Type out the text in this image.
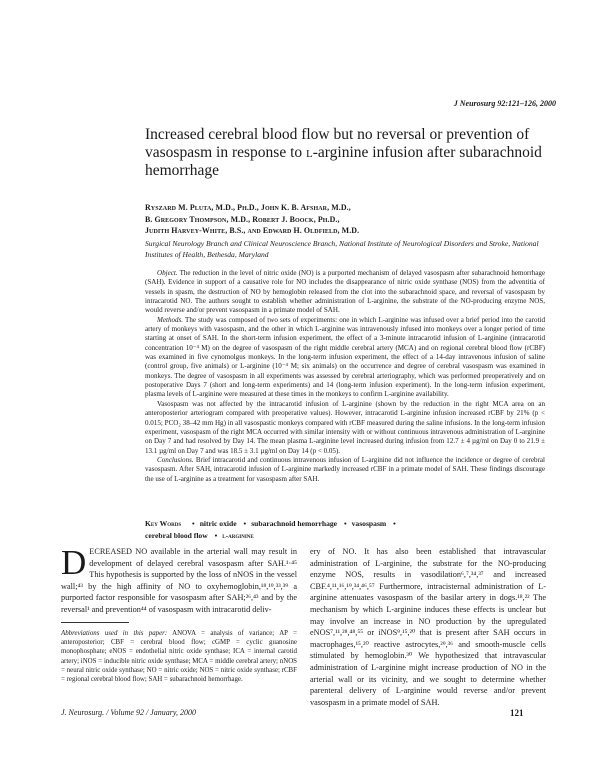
J Neurosurg 92:121–126, 2000
Increased cerebral blood flow but no reversal or prevention of vasospasm in response to l-arginine infusion after subarachnoid hemorrhage
Ryszard M. Pluta, M.D., Ph.D., John K. B. Afshar, M.D.,
B. Gregory Thompson, M.D., Robert J. Boock, Ph.D.,
Judith Harvey-White, B.S., and Edward H. Oldfield, M.D.
Surgical Neurology Branch and Clinical Neuroscience Branch, National Institute of Neurological Disorders and Stroke, National Institutes of Health, Bethesda, Maryland

Object. The reduction in the level of nitric oxide (NO) is a purported mechanism of delayed vasospasm after subarachnoid hemorrhage (SAH). Evidence in support of a causative role for NO includes the disappearance of nitric oxide synthase (NOS) from the adventitia of vessels in spasm, the destruction of NO by hemoglobin released from the clot into the subarachnoid space, and reversal of vasospasm by intracarotid NO. The authors sought to establish whether administration of L-arginine, the substrate of the NO-producing enzyme NOS, would reverse and/or prevent vasospasm in a primate model of SAH.

Methods. The study was composed of two sets of experiments: one in which L-arginine was infused over a brief period into the carotid artery of monkeys with vasospasm, and the other in which L-arginine was intravenously infused into monkeys over a longer period of time starting at onset of SAH. In the short-term infusion experiment, the effect of a 3-minute intracarotid infusion of L-arginine (intracarotid concentration 10⁻⁴ M) on the degree of vasospasm of the right middle cerebral artery (MCA) and on regional cerebral blood flow (rCBF) was examined in five cynomolgus monkeys. In the long-term infusion experiment, the effect of a 14-day intravenous infusion of saline (control group, five animals) or L-arginine (10⁻⁴ M; six animals) on the occurrence and degree of cerebral vasospasm was examined in monkeys. The degree of vasospasm in all experiments was assessed by cerebral arteriography, which was performed preoperatively and on postoperative Days 7 (short and long-term experiments) and 14 (long-term infusion experiment). In the long-term infusion experiment, plasma levels of L-arginine were measured at these times in the monkeys to confirm L-arginine availability.

Vasospasm was not affected by the intracarotid infusion of L-arginine (shown by the reduction in the right MCA area on an anteroposterior arteriogram compared with preoperative values). However, intracarotid L-arginine infusion increased rCBF by 21% (p < 0.015; PCO₂ 38–42 mm Hg) in all vasospastic monkeys compared with rCBF measured during the saline infusions. In the long-term infusion experiment, vasospasm of the right MCA occurred with similar intensity with or without continuous intravenous administration of L-arginine on Day 7 and had resolved by Day 14. The mean plasma L-arginine level increased during infusion from 12.7 ± 4 µg/ml on Day 0 to 21.9 ± 13.1 µg/ml on Day 7 and was 18.5 ± 3.1 µg/ml on Day 14 (p < 0.05).

Conclusions. Brief intracarotid and continuous intravenous infusion of L-arginine did not influence the incidence or degree of cerebral vasospasm. After SAH, intracarotid infusion of L-arginine markedly increased rCBF in a primate model of SAH. These findings discourage the use of L-arginine as a treatment for vasospasm after SAH.

Key Words • nitric oxide • subarachnoid hemorrhage • vasospasm •
cerebral blood flow • l-arginine
DECREASED NO available in the arterial wall may result in development of delayed cerebral vasospasm after SAH.¹·⁴⁵ This hypothesis is supported by the loss of nNOS in the vessel wall;⁴³ by the high affinity of NO to oxyhemoglobin,¹⁸,¹⁹,³³,³⁹ a purported factor responsible for vasospasm after SAH;²⁶,⁴³ and by the reversal¹ and prevention⁴⁴ of vasospasm with intracarotid deliv-
ery of NO. It has also been established that intravascular administration of L-arginine, the substrate for the NO-producing enzyme NOS, results in vasodilation⁶,⁷,³⁴,³⁷ and increased CBF.⁴,¹¹,¹⁶,¹⁹,³⁴,⁴⁶,⁵⁷ Furthermore, intracisternal administration of L-arginine attenuates vasospasm of the basilar artery in dogs.¹⁸,²² The mechanism by which L-arginine induces these effects is unclear but may involve an increase in NO production by the upregulated eNOS⁷,¹¹,²⁸,⁴⁸,⁵⁵ or iNOS⁹,¹⁵,²⁰ that is present after SAH occurs in macrophages,¹⁵,²⁰ reactive astrocytes,²⁹,³⁶ and smooth-muscle cells stimulated by hemoglobin.³⁰ We hypothesized that intravascular administration of L-arginine might increase production of NO in the arterial wall or its vicinity, and we sought to determine whether parenteral delivery of L-arginine would reverse and/or prevent vasospasm in a primate model of SAH.
Abbreviations used in this paper: ANOVA = analysis of variance; AP = anteroposterior; CBF = cerebral blood flow; cGMP = cyclic guanosine monophosphate; eNOS = endothelial nitric oxide synthase; ICA = internal carotid artery; iNOS = inducible nitric oxide synthase; MCA = middle cerebral artery; nNOS = neural nitric oxide synthase; NO = nitric oxide; NOS = nitric oxide synthase; rCBF = regional cerebral blood flow; SAH = subarachnoid hemorrhage.
J. Neurosurg. / Volume 92 / January, 2000	121
